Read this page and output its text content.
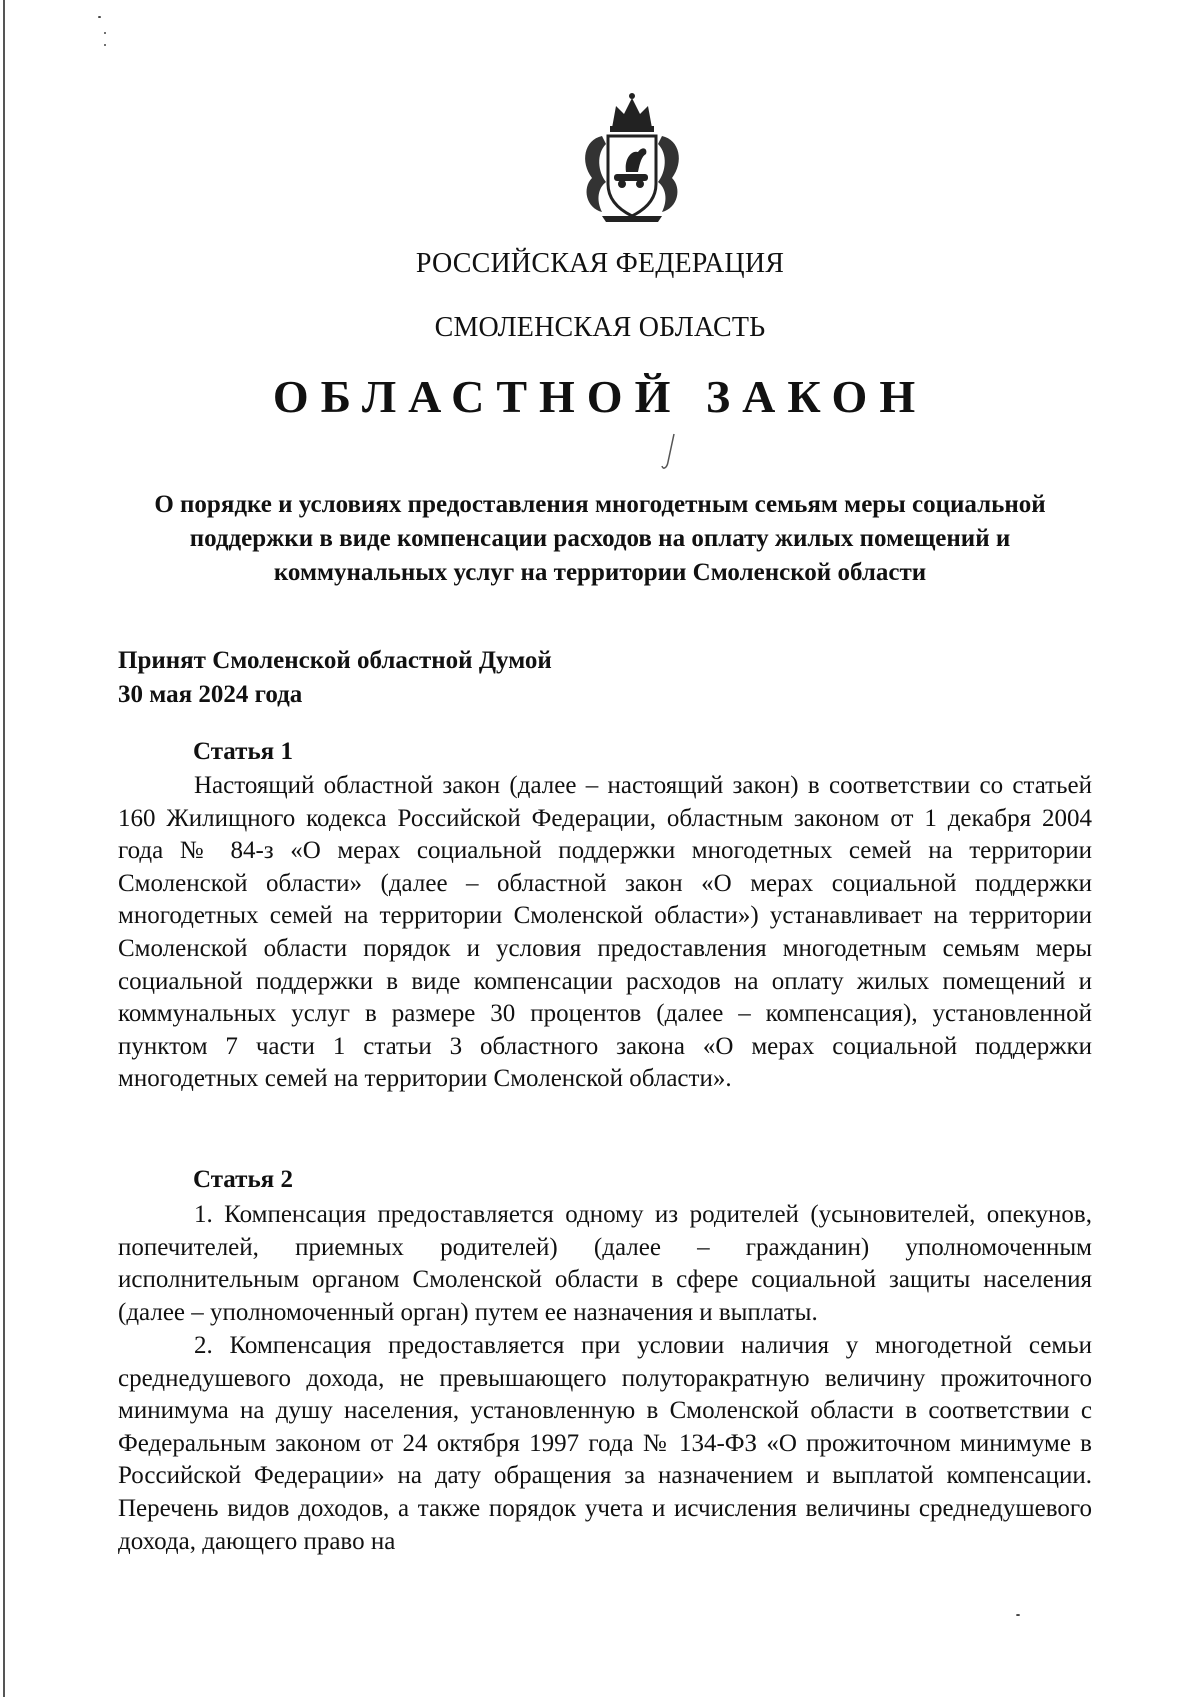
РОССИЙСКАЯ ФЕДЕРАЦИЯ
СМОЛЕНСКАЯ ОБЛАСТЬ
ОБЛАСТНОЙ ЗАКОН
О порядке и условиях предоставления многодетным семьям меры социальной поддержки в виде компенсации расходов на оплату жилых помещений и коммунальных услуг на территории Смоленской области
Принят Смоленской областной Думой
30 мая 2024 года
Статья 1

Настоящий областной закон (далее – настоящий закон) в соответствии со статьей 160 Жилищного кодекса Российской Федерации, областным законом от 1 декабря 2004 года № 84-з «О мерах социальной поддержки многодетных семей на территории Смоленской области» (далее – областной закон «О мерах социальной поддержки многодетных семей на территории Смоленской области») устанавливает на территории Смоленской области порядок и условия предоставления многодетным семьям меры социальной поддержки в виде компенсации расходов на оплату жилых помещений и коммунальных услуг в размере 30 процентов (далее – компенсация), установленной пунктом 7 части 1 статьи 3 областного закона «О мерах социальной поддержки многодетных семей на территории Смоленской области».

Статья 2

1. Компенсация предоставляется одному из родителей (усыновителей, опекунов, попечителей, приемных родителей) (далее – гражданин) уполномоченным исполнительным органом Смоленской области в сфере социальной защиты населения (далее – уполномоченный орган) путем ее назначения и выплаты.

2. Компенсация предоставляется при условии наличия у многодетной семьи среднедушевого дохода, не превышающего полуторакратную величину прожиточного минимума на душу населения, установленную в Смоленской области в соответствии с Федеральным законом от 24 октября 1997 года № 134-ФЗ «О прожиточном минимуме в Российской Федерации» на дату обращения за назначением и выплатой компенсации. Перечень видов доходов, а также порядок учета и исчисления величины среднедушевого дохода, дающего право на
